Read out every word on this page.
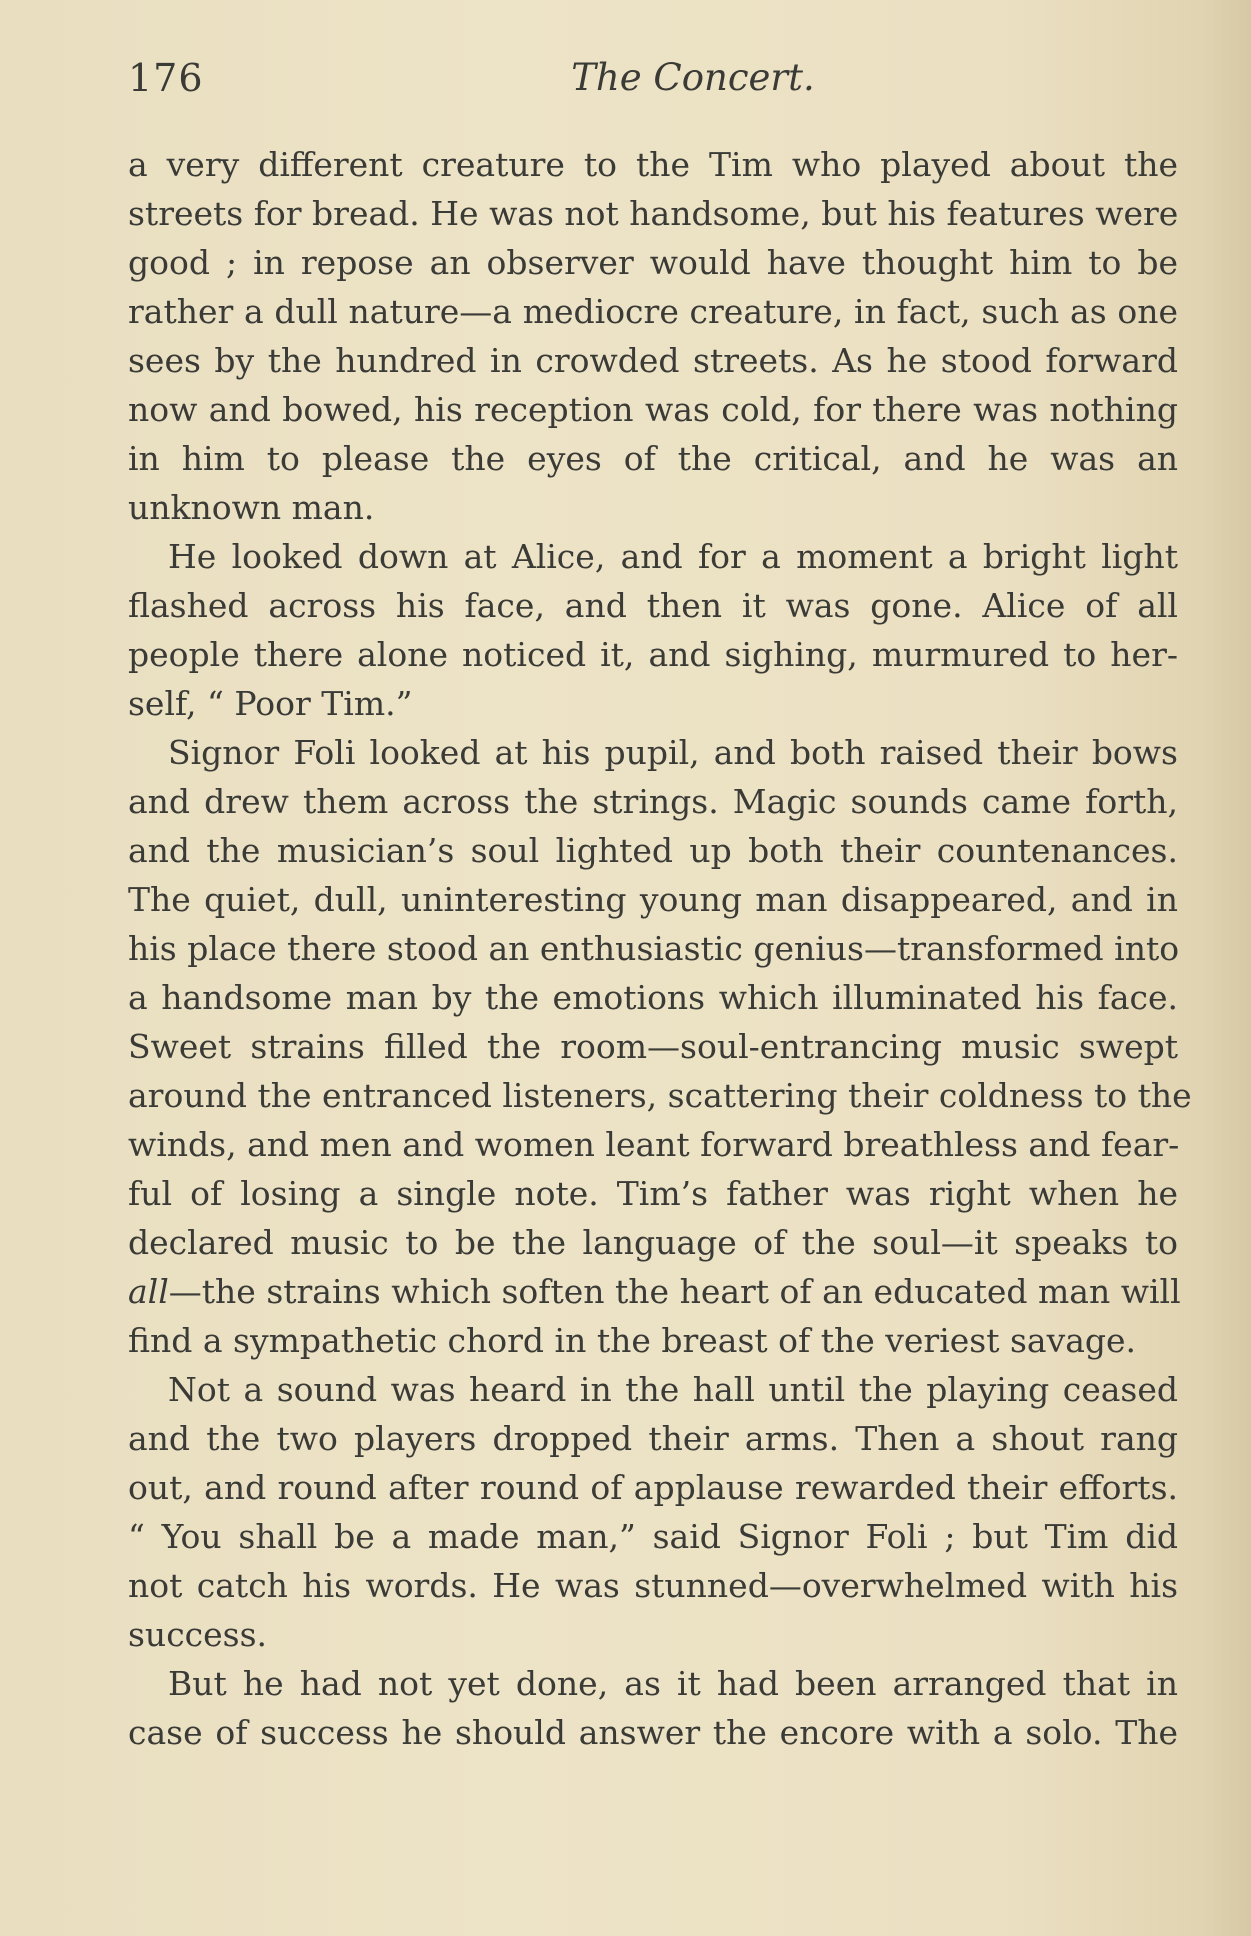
176	The Concert.
a very different creature to the Tim who played about the
streets for bread. He was not handsome, but his features were
good ; in repose an observer would have thought him to be
rather a dull nature—a mediocre creature, in fact, such as one
sees by the hundred in crowded streets. As he stood forward
now and bowed, his reception was cold, for there was nothing
in him to please the eyes of the critical, and he was an
unknown man.
He looked down at Alice, and for a moment a bright light
flashed across his face, and then it was gone. Alice of all
people there alone noticed it, and sighing, murmured to her-
self, “ Poor Tim.”
Signor Foli looked at his pupil, and both raised their bows
and drew them across the strings. Magic sounds came forth,
and the musician’s soul lighted up both their countenances.
The quiet, dull, uninteresting young man disappeared, and in
his place there stood an enthusiastic genius—transformed into
a handsome man by the emotions which illuminated his face.
Sweet strains filled the room—soul-entrancing music swept
around the entranced listeners, scattering their coldness to the
winds, and men and women leant forward breathless and fear-
ful of losing a single note. Tim’s father was right when he
declared music to be the language of the soul—it speaks to
all—the strains which soften the heart of an educated man will
find a sympathetic chord in the breast of the veriest savage.
Not a sound was heard in the hall until the playing ceased
and the two players dropped their arms. Then a shout rang
out, and round after round of applause rewarded their efforts.
“ You shall be a made man,” said Signor Foli ; but Tim did
not catch his words. He was stunned—overwhelmed with his
success.
But he had not yet done, as it had been arranged that in
case of success he should answer the encore with a solo. The
